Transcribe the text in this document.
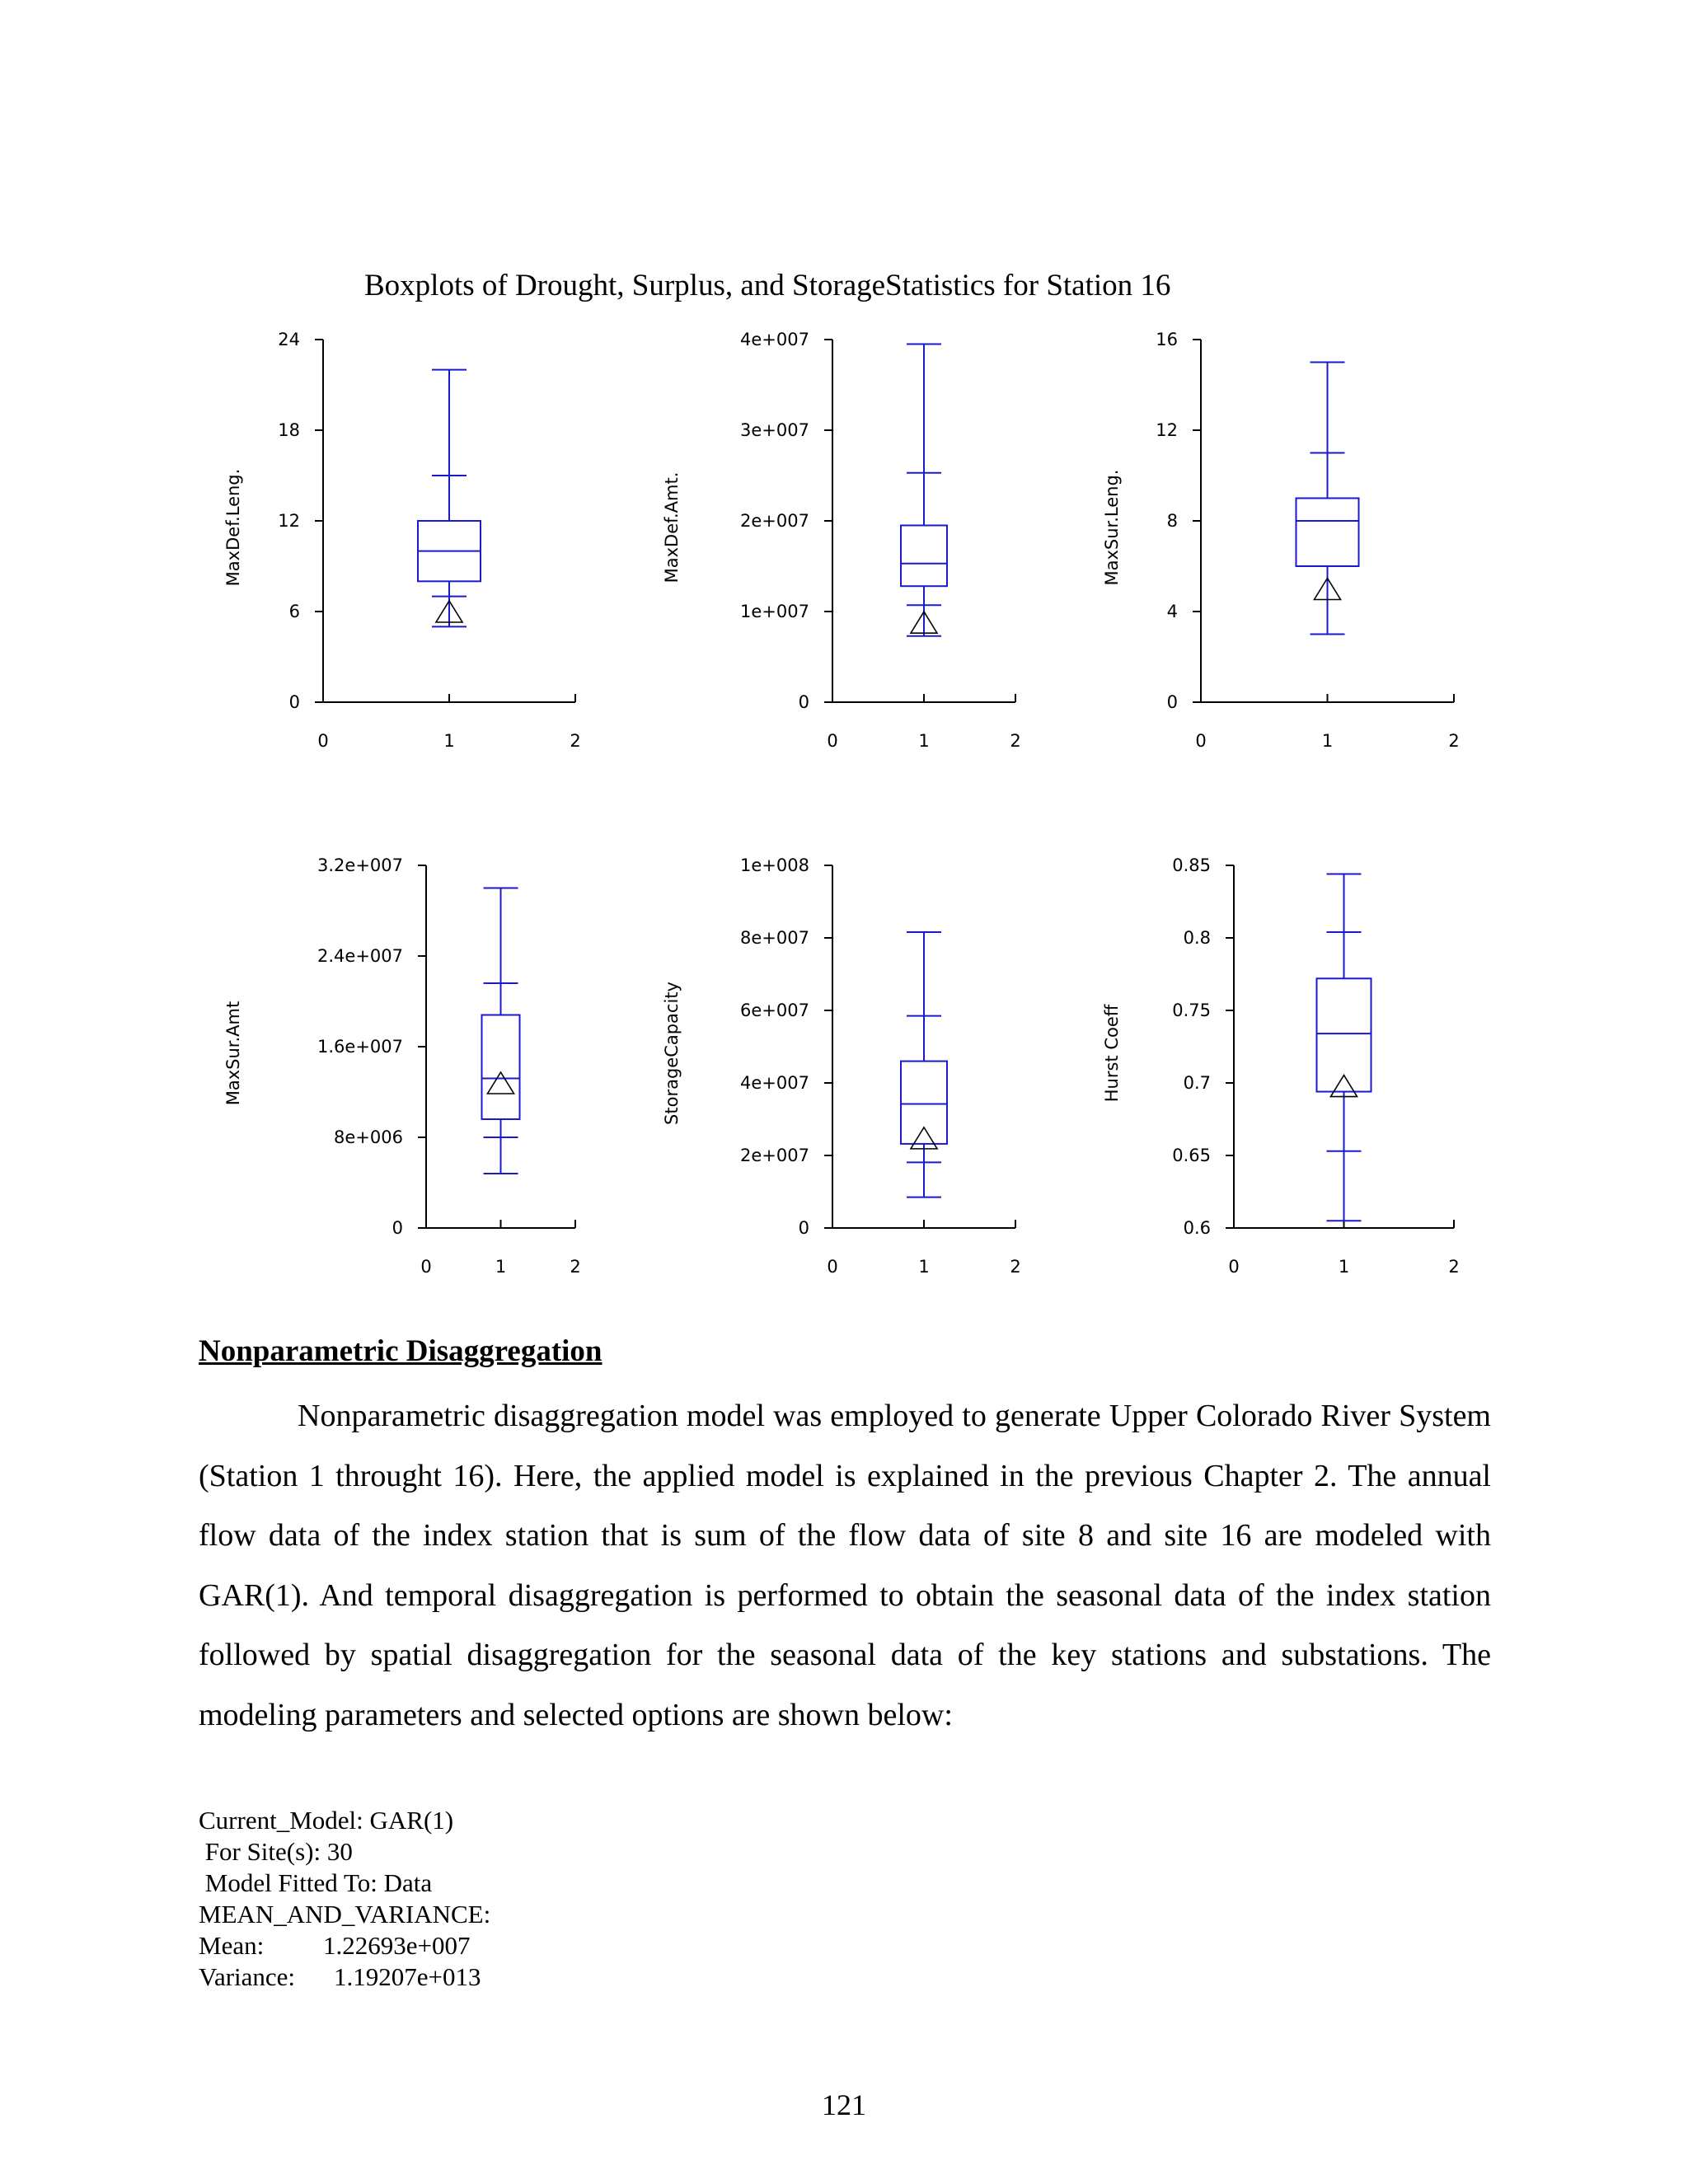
Boxplots of Drought, Surplus, and StorageStatistics for Station 16
0
6
12
18
24
0	1	2
MaxDef.Leng.
0
1e+007
2e+007
3e+007
4e+007
0	1	2
MaxDef.Amt.
0
4
8
12
16
0	1	2
MaxSur.Leng.
0
8e+006
1.6e+007
2.4e+007
3.2e+007
0	1	2
MaxSur.Amt
0
2e+007
4e+007
6e+007
8e+007
1e+008
0	1	2
StorageCapacity
0.6
0.65
0.7
0.75
0.8
0.85
0	1	2
Hurst Coeff
Nonparametric Disaggregation

Nonparametric disaggregation model was employed to generate Upper Colorado River System (Station 1 throught 16). Here, the applied model is explained in the previous Chapter 2. The annual flow data of the index station that is sum of the flow data of site 8 and site 16 are modeled with GAR(1). And temporal disaggregation is performed to obtain the seasonal data of the index station followed by spatial disaggregation for the seasonal data of the key stations and substations. The modeling parameters and selected options are shown below:

Current_Model: GAR(1)
For Site(s): 30
Model Fitted To: Data
MEAN_AND_VARIANCE:
Mean: 1.22693e+007
Variance: 1.19207e+013
121
